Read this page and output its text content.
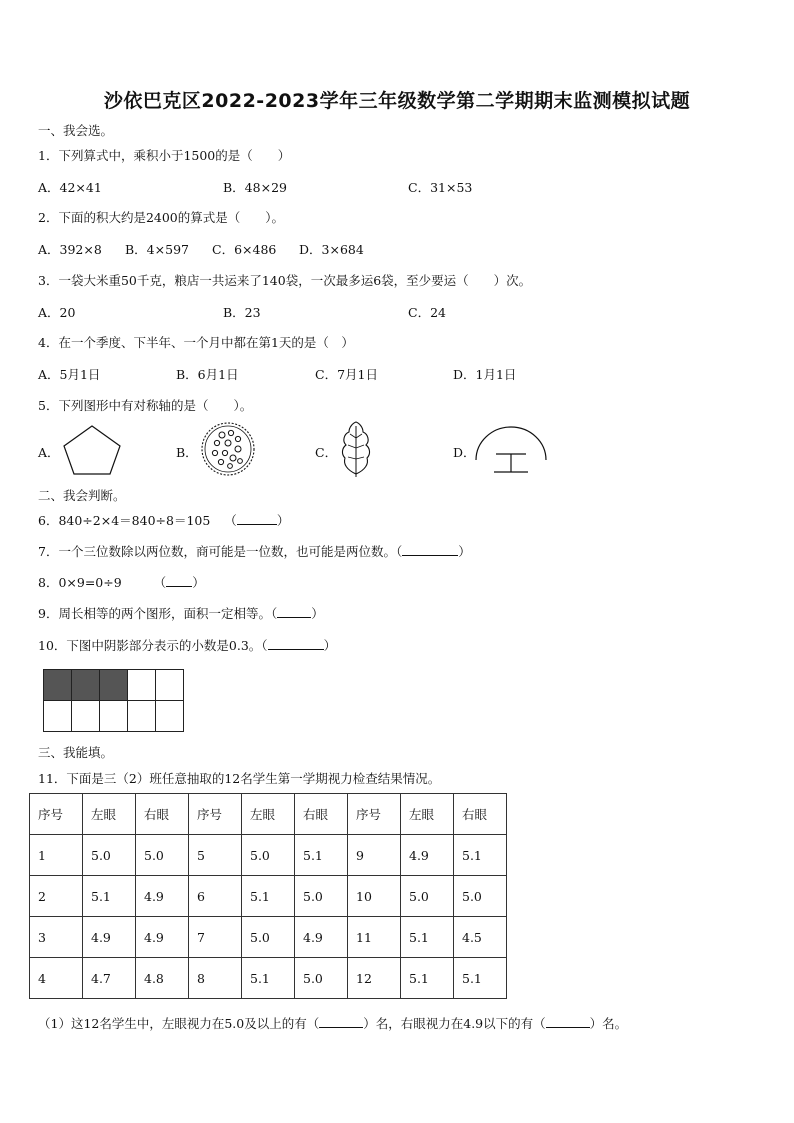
沙依巴克区2022-2023学年三年级数学第二学期期末监测模拟试题
一、我会选。
1．下列算式中，乘积小于1500的是（　　）
A．42×41	B．48×29	C．31×53
2．下面的积大约是2400的算式是（　　）。
A．392×8 B．4×597 C．6×486 D．3×684
3．一袋大米重50千克，粮店一共运来了140袋，一次最多运6袋，至少要运（　　）次。
A．20	B．23	C．24
4．在一个季度、下半年、一个月中都在第1天的是（　）
A．5月1日	B．6月1日	C．7月1日	D．1月1日
5．下列图形中有对称轴的是（　　）。
A．	B．	C．	D．
二、我会判断。
6．840÷2×4＝840÷8＝105 （	）
7．一个三位数除以两位数，商可能是一位数，也可能是两位数。（	）
8．0×9=0÷9	（ ）
9．周长相等的两个图形，面积一定相等。（	）
10．下图中阴影部分表示的小数是0.3。（	）

三、我能填。
11．下面是三（2）班任意抽取的12名学生第一学期视力检查结果情况。
序号	左眼	右眼	序号	左眼	右眼	序号	左眼	右眼
1	5.0	5.0	5	5.0	5.1	9	4.9	5.1
2	5.1	4.9	6	5.1	5.0	10	5.0	5.0
3	4.9	4.9	7	5.0	4.9	11	5.1	4.5
4	4.7	4.8	8	5.1	5.0	12	5.1	5.1
（1）这12名学生中，左眼视力在5.0及以上的有（	）名，右眼视力在4.9以下的有（	）名。
